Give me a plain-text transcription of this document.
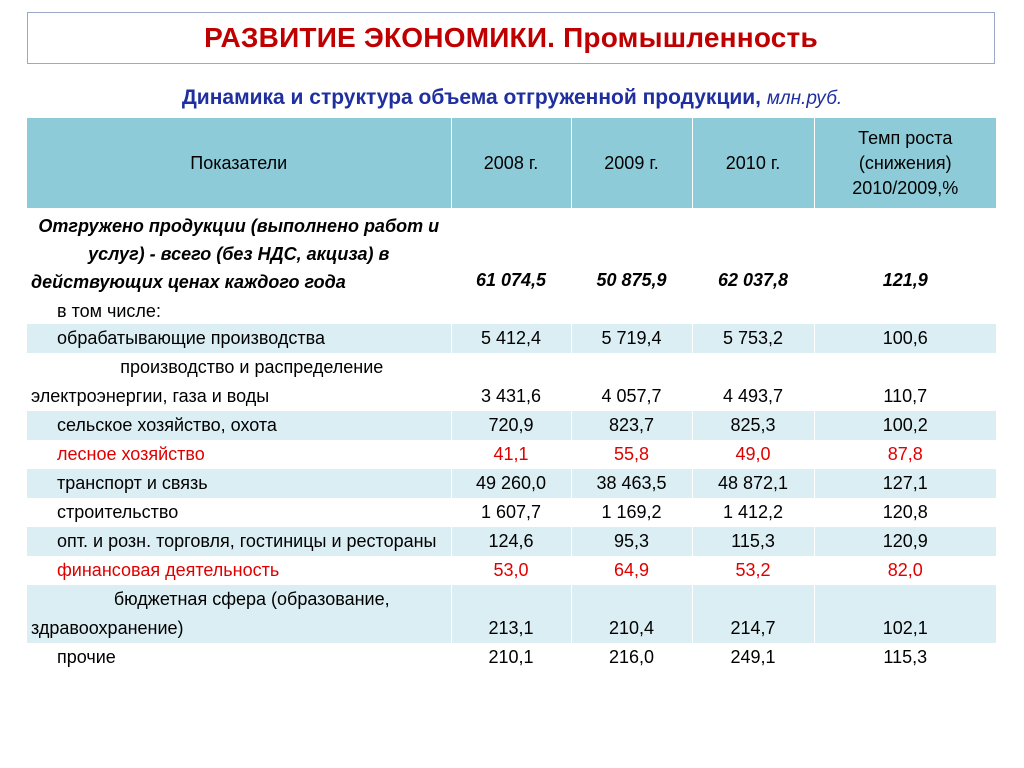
РАЗВИТИЕ ЭКОНОМИКИ. Промышленность
Динамика и структура объема отгруженной продукции, млн.руб.
Показатели	2008 г.	2009 г.	2010 г.	Темп роста (снижения) 2010/2009,%
Отгружено продукции (выполнено работ и услуг) - всего (без НДС, акциза) в действующих ценах каждого года	61 074,5	50 875,9	62 037,8	121,9
в том числе:				
обрабатывающие производства	5 412,4	5 719,4	5 753,2	100,6
производство и распределение электроэнергии, газа и воды	3 431,6	4 057,7	4 493,7	110,7
сельское хозяйство, охота	720,9	823,7	825,3	100,2
лесное хозяйство	41,1	55,8	49,0	87,8
транспорт и связь	49 260,0	38 463,5	48 872,1	127,1
строительство	1 607,7	1 169,2	1 412,2	120,8
опт. и розн. торговля, гостиницы и рестораны	124,6	95,3	115,3	120,9
финансовая деятельность	53,0	64,9	53,2	82,0
бюджетная сфера (образование, здравоохранение)	213,1	210,4	214,7	102,1
прочие	210,1	216,0	249,1	115,3
